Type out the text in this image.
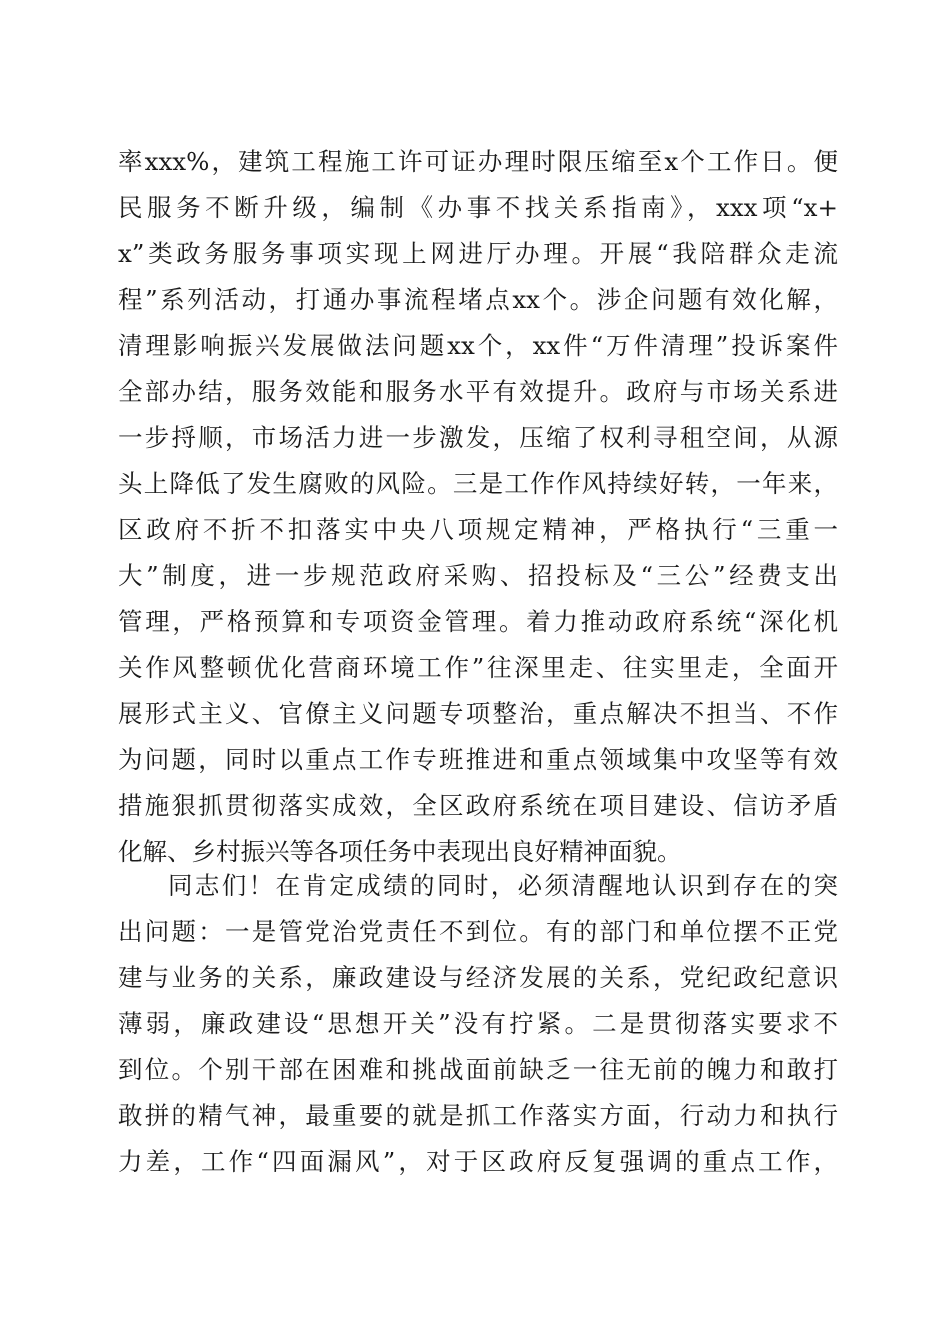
率xxx%，建筑工程施工许可证办理时限压缩至x个工作日。便
民服务不断升级，编制《办事不找关系指南》，xxx项“x+
x”类政务服务事项实现上网进厅办理。开展“我陪群众走流
程”系列活动，打通办事流程堵点xx个。涉企问题有效化解，
清理影响振兴发展做法问题xx个，xx件“万件清理”投诉案件
全部办结，服务效能和服务水平有效提升。政府与市场关系进
一步捋顺，市场活力进一步激发，压缩了权利寻租空间，从源
头上降低了发生腐败的风险。三是工作作风持续好转，一年来，
区政府不折不扣落实中央八项规定精神，严格执行“三重一
大”制度，进一步规范政府采购、招投标及“三公”经费支出
管理，严格预算和专项资金管理。着力推动政府系统“深化机
关作风整顿优化营商环境工作”往深里走、往实里走，全面开
展形式主义、官僚主义问题专项整治，重点解决不担当、不作
为问题，同时以重点工作专班推进和重点领域集中攻坚等有效
措施狠抓贯彻落实成效，全区政府系统在项目建设、信访矛盾
化解、乡村振兴等各项任务中表现出良好精神面貌。
同志们！在肯定成绩的同时，必须清醒地认识到存在的突
出问题：一是管党治党责任不到位。有的部门和单位摆不正党
建与业务的关系，廉政建设与经济发展的关系，党纪政纪意识
薄弱，廉政建设“思想开关”没有拧紧。二是贯彻落实要求不
到位。个别干部在困难和挑战面前缺乏一往无前的魄力和敢打
敢拼的精气神，最重要的就是抓工作落实方面，行动力和执行
力差，工作“四面漏风”，对于区政府反复强调的重点工作，
